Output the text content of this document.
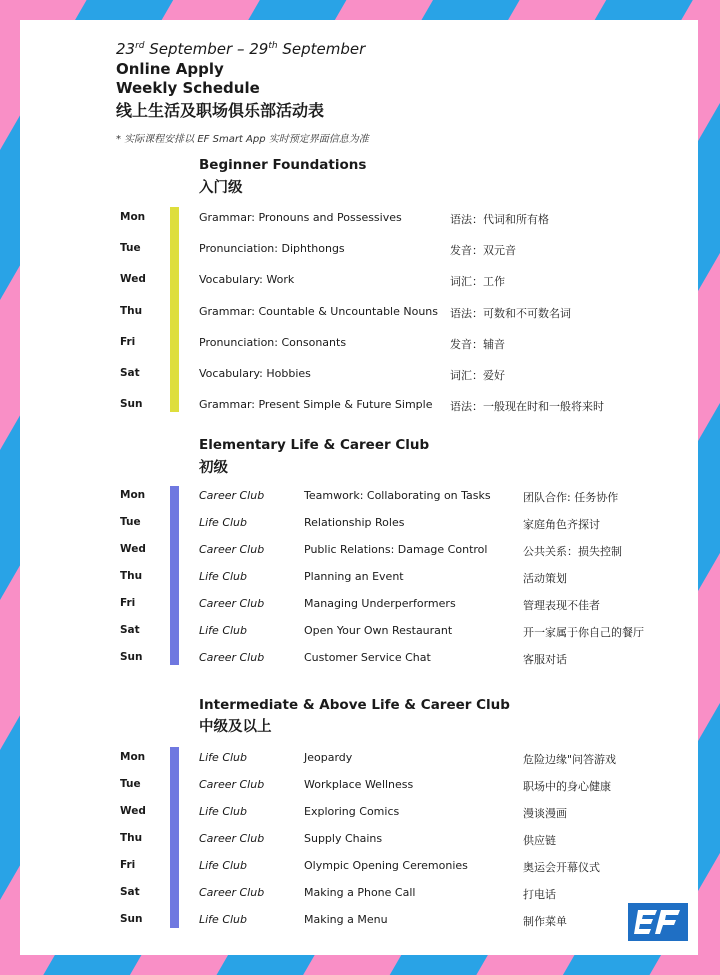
23rd September – 29th September
Online Apply
Weekly Schedule
线上生活及职场俱乐部活动表
* 实际课程安排以 EF Smart App 实时预定界面信息为准
Beginner Foundations
入门级
Mon	Grammar: Pronouns and Possessives	语法：代词和所有格
Tue	Pronunciation: Diphthongs	发音：双元音
Wed	Vocabulary: Work	词汇：工作
Thu	Grammar: Countable & Uncountable Nouns 语法：可数和不可数名词
Fri	Pronunciation: Consonants	发音：辅音
Sat	Vocabulary: Hobbies	词汇：爱好
Sun	Grammar: Present Simple & Future Simple 语法：一般现在时和一般将来时
Elementary Life & Career Club
初级
Mon	Career Club	Teamwork: Collaborating on Tasks	团队合作: 任务协作
Tue	Life Club	Relationship Roles	家庭角色齐探讨
Wed	Career Club	Public Relations: Damage Control	公共关系：损失控制
Thu	Life Club	Planning an Event	活动策划
Fri	Career Club	Managing Underperformers	管理表现不佳者
Sat	Life Club	Open Your Own Restaurant	开一家属于你自己的餐厅
Sun	Career Club	Customer Service Chat	客服对话
Intermediate & Above Life & Career Club
中级及以上
Mon	Life Club	Jeopardy	危险边缘"问答游戏
Tue	Career Club	Workplace Wellness	职场中的身心健康
Wed	Life Club	Exploring Comics	漫谈漫画
Thu	Career Club	Supply Chains	供应链
Fri	Life Club	Olympic Opening Ceremonies	奥运会开幕仪式
Sat	Career Club	Making a Phone Call	打电话
Sun	Life Club	Making a Menu	制作菜单
